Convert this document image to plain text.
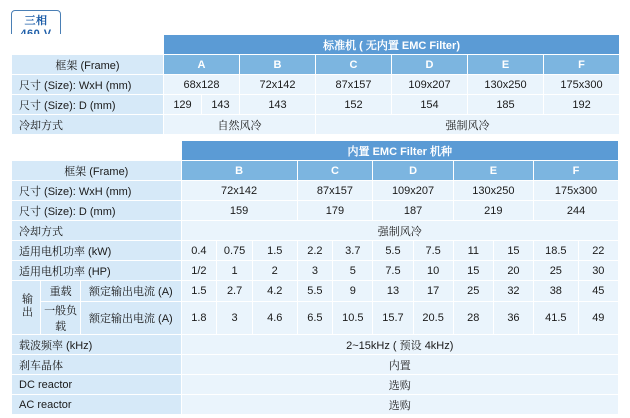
三相
	标准机 ( 无内置 EMC Filter)						
框架 (Frame)	A		B	C	D	E	F
尺寸 (Size): WxH (mm)	68x128		72x142	87x157	109x207	130x250	175x300
尺寸 (Size): D (mm)	129	143	143	152	154	185	192
冷却方式	自然风冷			强制风冷			
			内置 EMC Filter 机种										
框架 (Frame)			B			C		D		E		F	
尺寸 (Size): WxH (mm)			72x142			87x157		109x207		130x250		175x300	
尺寸 (Size): D (mm)			159			179		187		219		244	
冷却方式			强制风冷										
适用电机功率 (kW)			0.4	0.75	1.5	2.2	3.7	5.5	7.5	11	15	18.5	22
适用电机功率 (HP)			1/2	1	2	3	5	7.5	10	15	20	25	30
输出	重载	额定输出电流 (A)	1.5	2.7	4.2	5.5	9	13	17	25	32	38	45
	一般负载	额定输出电流 (A)	1.8	3	4.6	6.5	10.5	15.7	20.5	28	36	41.5	49
载波频率 (kHz)			2~15kHz ( 预设 4kHz)										
刹车晶体			内置										
DC reactor			选购										
AC reactor			选购										
